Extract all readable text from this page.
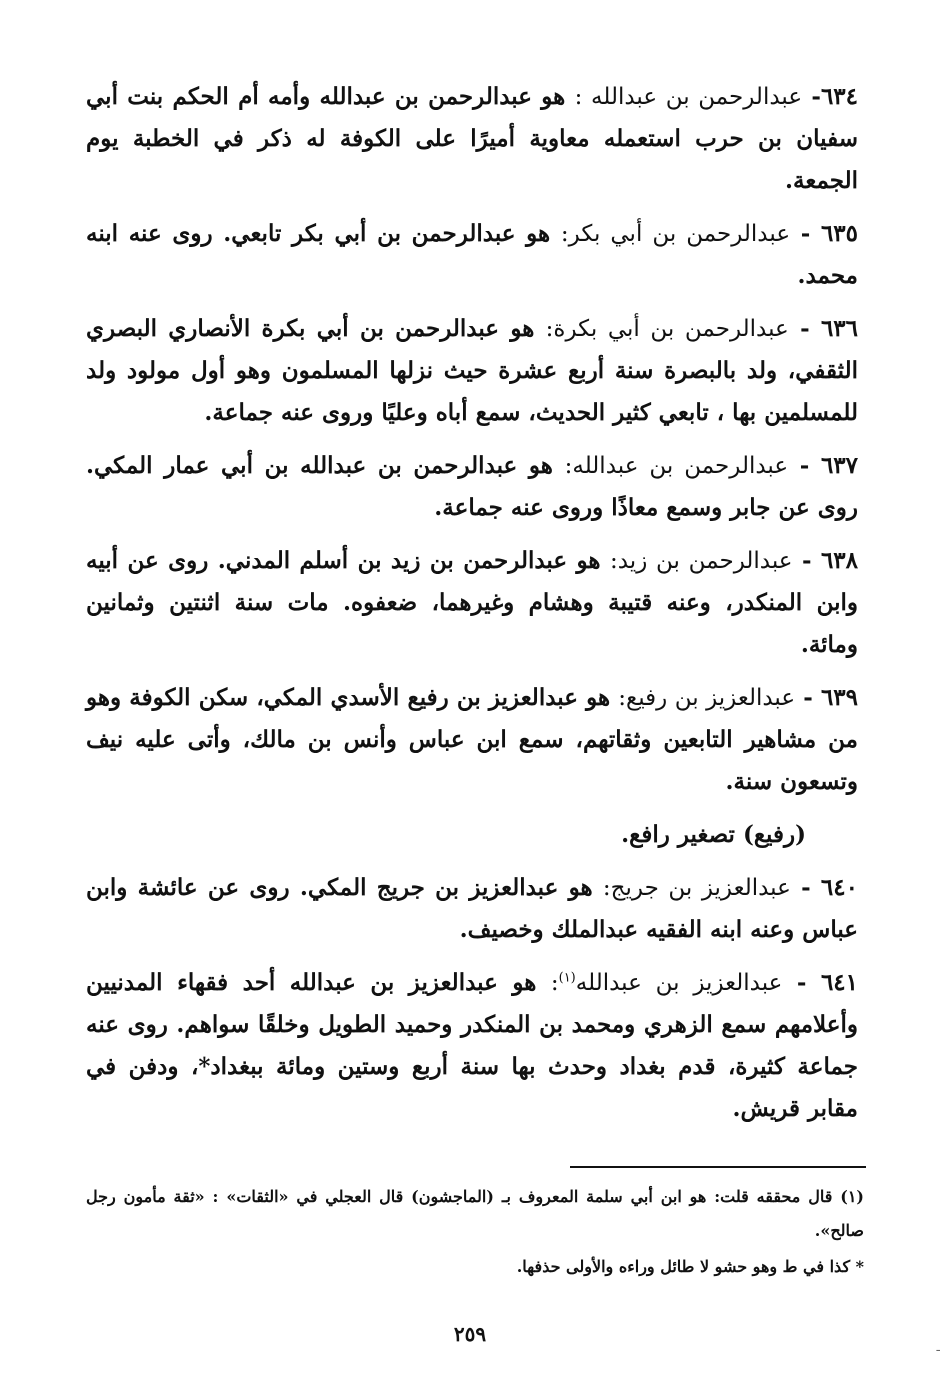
٦٣٤- عبدالرحمن بن عبدالله : هو عبدالرحمن بن عبدالله وأمه أم الحكم بنت أبي سفيان بن حرب استعمله معاوية أميرًا على الكوفة له ذكر في الخطبة يوم الجمعة.

٦٣٥ - عبدالرحمن بن أبي بكر: هو عبدالرحمن بن أبي بكر تابعي. روى عنه ابنه محمد.

٦٣٦ - عبدالرحمن بن أبي بكرة: هو عبدالرحمن بن أبي بكرة الأنصاري البصري الثقفي، ولد بالبصرة سنة أربع عشرة حيث نزلها المسلمون وهو أول مولود ولد للمسلمين بها ، تابعي كثير الحديث، سمع أباه وعليًا وروى عنه جماعة.

٦٣٧ - عبدالرحمن بن عبدالله: هو عبدالرحمن بن عبدالله بن أبي عمار المكي. روى عن جابر وسمع معاذًا وروى عنه جماعة.

٦٣٨ - عبدالرحمن بن زيد: هو عبدالرحمن بن زيد بن أسلم المدني. روى عن أبيه وابن المنكدر، وعنه قتيبة وهشام وغيرهما، ضعفوه. مات سنة اثنتين وثمانين ومائة.

٦٣٩ - عبدالعزيز بن رفيع: هو عبدالعزيز بن رفيع الأسدي المكي، سكن الكوفة وهو من مشاهير التابعين وثقاتهم، سمع ابن عباس وأنس بن مالك، وأتى عليه نيف وتسعون سنة.

(رفيع) تصغير رافع.

٦٤٠ - عبدالعزيز بن جريج: هو عبدالعزيز بن جريج المكي. روى عن عائشة وابن عباس وعنه ابنه الفقيه عبدالملك وخصيف.

٦٤١ - عبدالعزيز بن عبدالله$^{(١)}$: هو عبدالعزيز بن عبدالله أحد فقهاء المدنيين وأعلامهم سمع الزهري ومحمد بن المنكدر وحميد الطويل وخلقًا سواهم. روى عنه جماعة كثيرة، قدم بغداد وحدث بها سنة أربع وستين ومائة ببغداد*، ودفن في مقابر قريش.

(١) قال محققه قلت: هو ابن أبي سلمة المعروف بـ (الماجشون) قال العجلي في «الثقات» : «ثقة مأمون رجل صالح».

* كذا في ط وهو حشو لا طائل وراءه والأولى حذفها.

٢٥٩
ـ
